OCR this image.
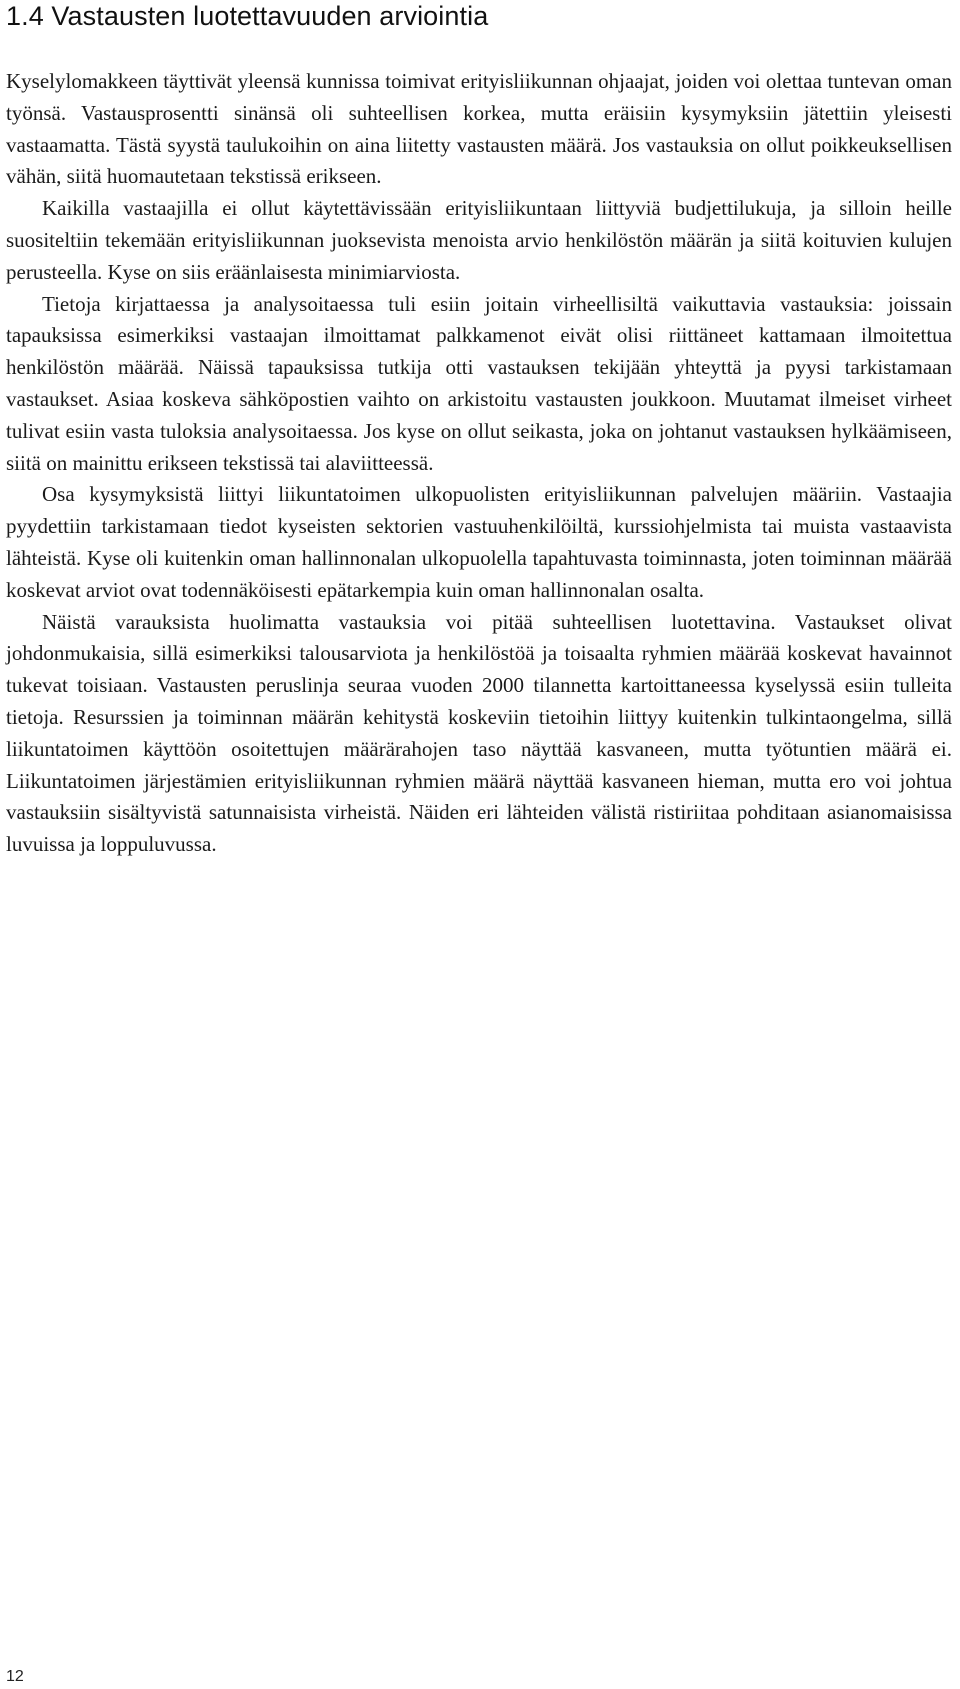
1.4 Vastausten luotettavuuden arviointia

Kyselylomakkeen täyttivät yleensä kunnissa toimivat erityisliikunnan ohjaajat, joiden voi olettaa tuntevan oman työnsä. Vastausprosentti sinänsä oli suhteellisen korkea, mutta eräisiin kysymyksiin jätettiin yleisesti vastaamatta. Tästä syystä taulukoihin on aina liitetty vastausten määrä. Jos vastauksia on ollut poikkeuksellisen vähän, siitä huomautetaan tekstissä erikseen.

Kaikilla vastaajilla ei ollut käytettävissään erityisliikuntaan liittyviä budjettilukuja, ja silloin heille suositeltiin tekemään erityisliikunnan juoksevista menoista arvio henkilöstön määrän ja siitä koituvien kulujen perusteella. Kyse on siis eräänlaisesta minimiarviosta.

Tietoja kirjattaessa ja analysoitaessa tuli esiin joitain virheellisiltä vaikuttavia vastauksia: joissain tapauksissa esimerkiksi vastaajan ilmoittamat palkkamenot eivät olisi riittäneet kattamaan ilmoitettua henkilöstön määrää. Näissä tapauksissa tutkija otti vastauksen tekijään yhteyttä ja pyysi tarkistamaan vastaukset. Asiaa koskeva sähköpostien vaihto on arkistoitu vastausten joukkoon. Muutamat ilmeiset virheet tulivat esiin vasta tuloksia analysoitaessa. Jos kyse on ollut seikasta, joka on johtanut vastauksen hylkäämiseen, siitä on mainittu erikseen tekstissä tai alaviitteessä.

Osa kysymyksistä liittyi liikuntatoimen ulkopuolisten erityisliikunnan palvelujen määriin. Vastaajia pyydettiin tarkistamaan tiedot kyseisten sektorien vastuuhenkilöiltä, kurssiohjelmista tai muista vastaavista lähteistä. Kyse oli kuitenkin oman hallinnonalan ulkopuolella tapahtuvasta toiminnasta, joten toiminnan määrää koskevat arviot ovat todennäköisesti epätarkempia kuin oman hallinnonalan osalta.

Näistä varauksista huolimatta vastauksia voi pitää suhteellisen luotettavina. Vastaukset olivat johdonmukaisia, sillä esimerkiksi talousarviota ja henkilöstöä ja toisaalta ryhmien määrää koskevat havainnot tukevat toisiaan. Vastausten peruslinja seuraa vuoden 2000 tilannetta kartoittaneessa kyselyssä esiin tulleita tietoja. Resurssien ja toiminnan määrän kehitystä koskeviin tietoihin liittyy kuitenkin tulkintaongelma, sillä liikuntatoimen käyttöön osoitettujen määrärahojen taso näyttää kasvaneen, mutta työtuntien määrä ei. Liikuntatoimen järjestämien erityisliikunnan ryhmien määrä näyttää kasvaneen hieman, mutta ero voi johtua vastauksiin sisältyvistä satunnaisista virheistä. Näiden eri lähteiden välistä ristiriitaa pohditaan asianomaisissa luvuissa ja loppuluvussa.

12
